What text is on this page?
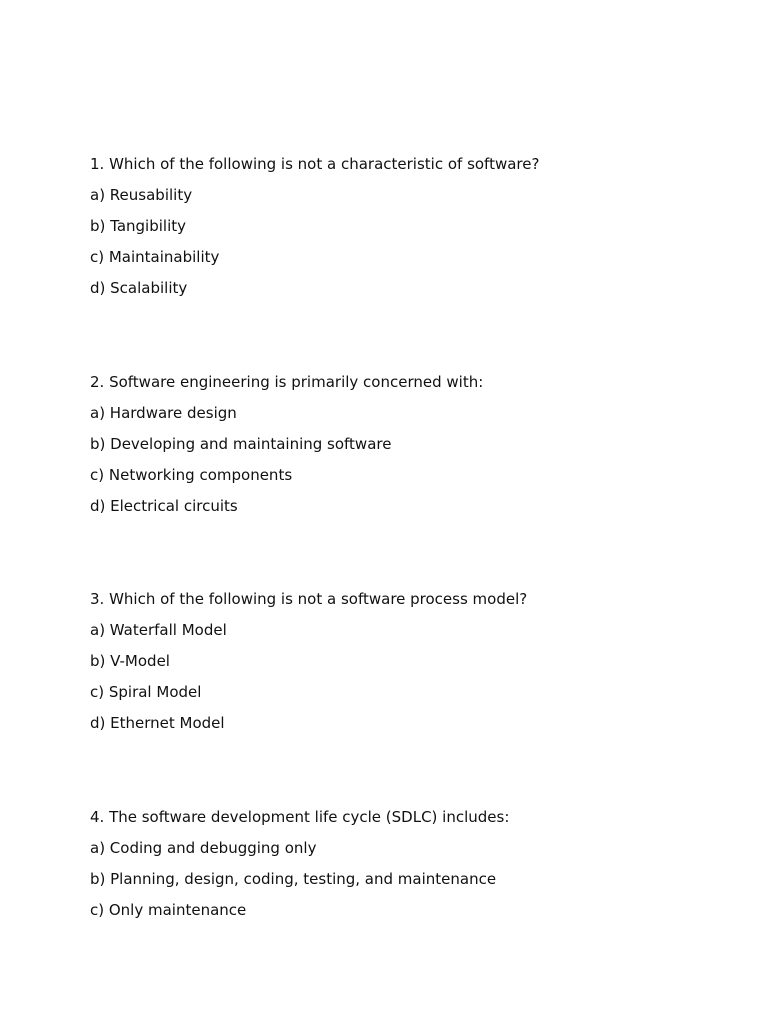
1. Which of the following is not a characteristic of software?
a) Reusability
b) Tangibility
c) Maintainability
d) Scalability
2. Software engineering is primarily concerned with:
a) Hardware design
b) Developing and maintaining software
c) Networking components
d) Electrical circuits
3. Which of the following is not a software process model?
a) Waterfall Model
b) V-Model
c) Spiral Model
d) Ethernet Model
4. The software development life cycle (SDLC) includes:
a) Coding and debugging only
b) Planning, design, coding, testing, and maintenance
c) Only maintenance
